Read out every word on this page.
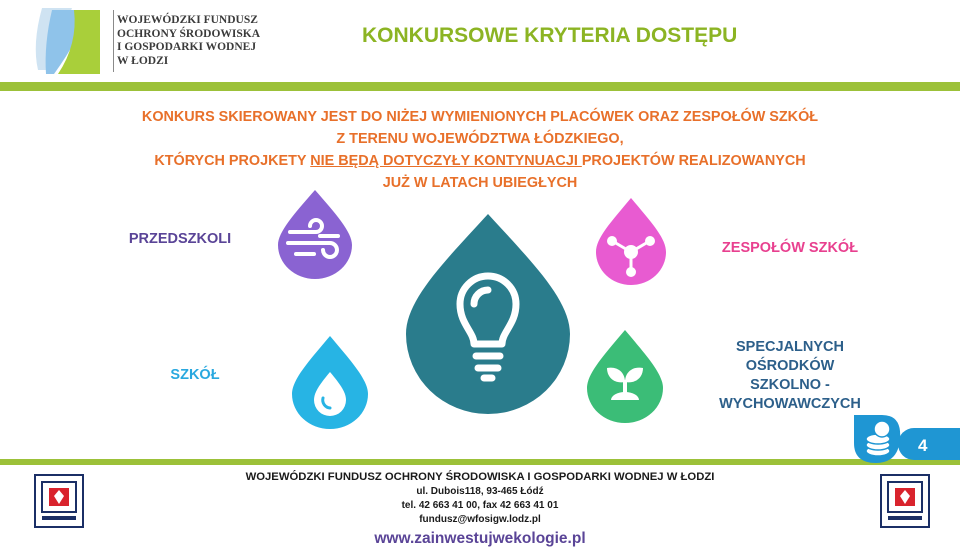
WOJEWÓDZKI FUNDUSZ
OCHRONY ŚRODOWISKA
I GOSPODARKI WODNEJ
W ŁODZI
KONKURSOWE KRYTERIA DOSTĘPU
KONKURS SKIEROWANY JEST DO NIŻEJ WYMIENIONYCH PLACÓWEK ORAZ ZESPOŁÓW SZKÓŁ
Z TERENU WOJEWÓDZTWA ŁÓDZKIEGO,
KTÓRYCH PROJKETY NIE BĘDĄ DOTYCZYŁY KONTYNUACJI PROJEKTÓW REALIZOWANYCH
JUŻ W LATACH UBIEGŁYCH
PRZEDSZKOLI
ZESPOŁÓW SZKÓŁ
SZKÓŁ
SPECJALNYCH
OŚRODKÓW
SZKOLNO -
WYCHOWAWCZYCH
4
WOJEWÓDZKI FUNDUSZ OCHRONY ŚRODOWISKA I GOSPODARKI WODNEJ W ŁODZI
ul. Dubois118, 93-465 Łódź
tel. 42 663 41 00, fax 42 663 41 01
fundusz@wfosigw.lodz.pl
www.zainwestujwekologie.pl
